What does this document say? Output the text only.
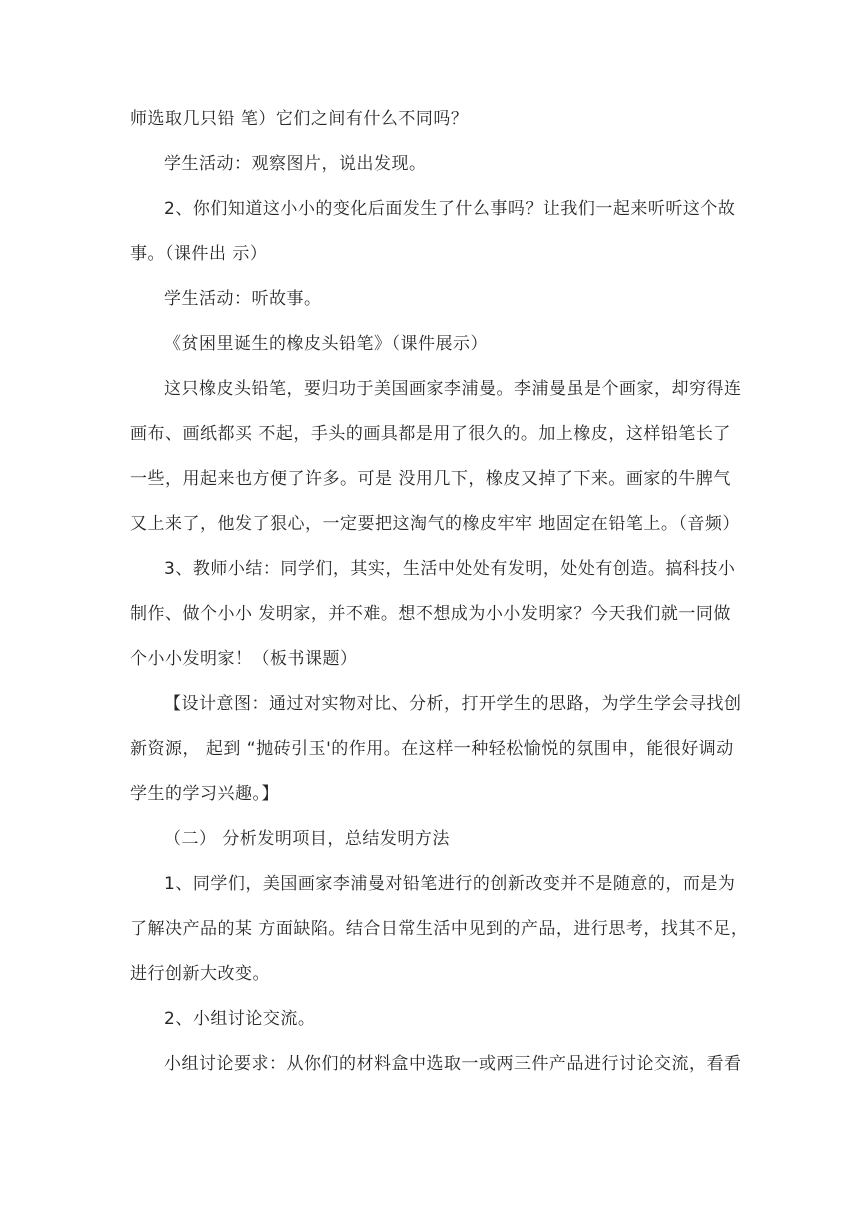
师选取几只铅 笔）它们之间有什么不同吗？
学生活动：观察图片，说出发现。
2、你们知道这小小的变化后面发生了什么事吗？让我们一起来听听这个故
事。（课件出 示）
学生活动：听故事。
《贫困里诞生的橡皮头铅笔》（课件展示）
这只橡皮头铅笔，要归功于美国画家李浦曼。李浦曼虽是个画家，却穷得连
画布、画纸都买 不起，手头的画具都是用了很久的。加上橡皮，这样铅笔长了
一些，用起来也方便了许多。可是 没用几下，橡皮又掉了下来。画家的牛脾气
又上来了，他发了狠心，一定要把这淘气的橡皮牢牢 地固定在铅笔上。（音频）
3、教师小结：同学们，其实，生活中处处有发明，处处有创造。搞科技小
制作、做个小小 发明家，并不难。想不想成为小小发明家？今天我们就一同做
个小小发明家！（板书课题）
【设计意图：通过对实物对比、分析，打开学生的思路，为学生学会寻找创
新资源， 起到 “抛砖引玉'的作用。在这样一种轻松愉悦的氛围申，能很好调动
学生的学习兴趣。】
（二） 分析发明项目，总结发明方法
1、同学们，美国画家李浦曼对铅笔进行的创新改变并不是随意的，而是为
了解决产品的某 方面缺陷。结合日常生活中见到的产品，进行思考，找其不足，
进行创新大改变。
2、小组讨论交流。
小组讨论要求：从你们的材料盒中选取一或两三件产品进行讨论交流，看看
